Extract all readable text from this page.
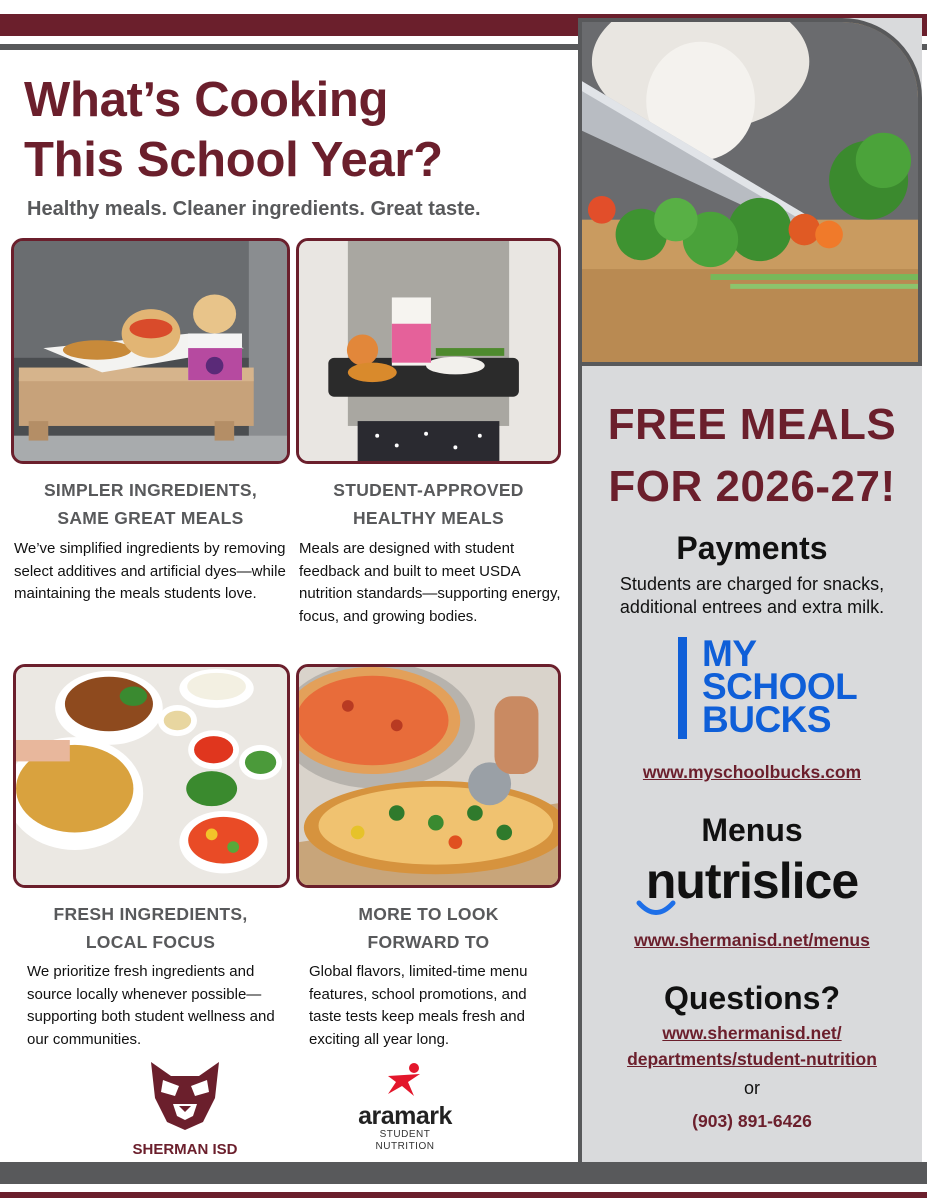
What’s Cooking
This School Year?
Healthy meals. Cleaner ingredients. Great taste.
SIMPLER INGREDIENTS,
SAME GREAT MEALS
We’ve simplified ingredients by removing select additives and artificial dyes—while maintaining the meals students love.
STUDENT-APPROVED
HEALTHY MEALS
Meals are designed with student feedback and built to meet USDA nutrition standards—supporting energy, focus, and growing bodies.
FRESH INGREDIENTS,
LOCAL FOCUS
We prioritize fresh ingredients and source locally whenever possible—supporting both student wellness and our communities.
MORE TO LOOK
FORWARD TO
Global flavors, limited-time menu features, school promotions, and taste tests keep meals fresh and exciting all year long.
SHERMAN ISD
aramark
STUDENT
NUTRITION
FREE MEALS
FOR 2026-27!
Payments
Students are charged for snacks, additional entrees and extra milk.
MY
SCHOOL
BUCKS
www.myschoolbucks.com
Menus
nutrislice
www.shermanisd.net/menus
Questions?
www.shermanisd.net/
departments/student-nutrition
or
(903) 891-6426
